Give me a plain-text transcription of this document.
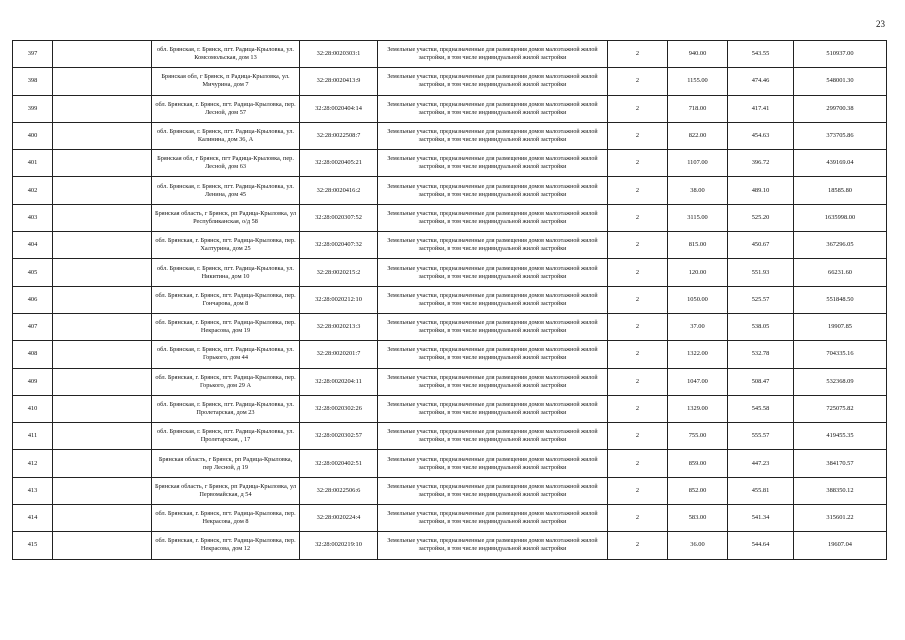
23
397		обл. Брянская, г. Брянск, пгт. Радица-Крыловка, ул. Комсомольская, дом 13	32:28:0020303:1	Земельные участки, предназначенные для размещения домов малоэтажной жилой застройки, в том числе индивидуальной жилой застройки	2	940.00	543.55	510937.00
398		Брянская обл, г Брянск, п Радица-Крыловка, ул. Мичурина, дом 7	32:28:0020413:9	Земельные участки, предназначенные для размещения домов малоэтажной жилой застройки, в том числе индивидуальной жилой застройки	2	1155.00	474.46	548001.30
399		обл. Брянская, г. Брянск, пгт. Радица-Крыловка, пер. Лесной, дом 57	32:28:0020404:14	Земельные участки, предназначенные для размещения домов малоэтажной жилой застройки, в том числе индивидуальной жилой застройки	2	718.00	417.41	299700.38
400		обл. Брянская, г. Брянск, пгт. Радица-Крыловка, ул. Калинина, дом 36, А	32:28:0022508:7	Земельные участки, предназначенные для размещения домов малоэтажной жилой застройки, в том числе индивидуальной жилой застройки	2	822.00	454.63	373705.86
401		Брянская обл, г Брянск, пгт Радица-Крыловка, пер. Лесной, дом 63	32:28:0020405:21	Земельные участки, предназначенные для размещения домов малоэтажной жилой застройки, в том числе индивидуальной жилой застройки	2	1107.00	396.72	439169.04
402		обл. Брянская, г. Брянск, пгт. Радица-Крыловка, ул. Ленина, дом 45	32:28:0020416:2	Земельные участки, предназначенные для размещения домов малоэтажной жилой застройки, в том числе индивидуальной жилой застройки	2	38.00	489.10	18585.80
403		Брянская область, г Брянск, рп Радица-Крыловка, ул Республиканская, о/д 58	32:28:0020307:52	Земельные участки, предназначенные для размещения домов малоэтажной жилой застройки, в том числе индивидуальной жилой застройки	2	3115.00	525.20	1635998.00
404		обл. Брянская, г. Брянск, пгт. Радица-Крыловка, пер. Халтурина, дом 25	32:28:0020407:32	Земельные участки, предназначенные для размещения домов малоэтажной жилой застройки, в том числе индивидуальной жилой застройки	2	815.00	450.67	367296.05
405		обл. Брянская, г. Брянск, пгт. Радица-Крыловка, ул. Никитина, дом 10	32:28:0020215:2	Земельные участки, предназначенные для размещения домов малоэтажной жилой застройки, в том числе индивидуальной жилой застройки	2	120.00	551.93	66231.60
406		обл. Брянская, г. Брянск, пгт. Радица-Крыловка, пер. Гончарова, дом 8	32:28:0020212:10	Земельные участки, предназначенные для размещения домов малоэтажной жилой застройки, в том числе индивидуальной жилой застройки	2	1050.00	525.57	551848.50
407		обл. Брянская, г. Брянск, пгт. Радица-Крыловка, пер. Некрасова, дом 19	32:28:0020213:3	Земельные участки, предназначенные для размещения домов малоэтажной жилой застройки, в том числе индивидуальной жилой застройки	2	37.00	538.05	19907.85
408		обл. Брянская, г. Брянск, пгт. Радица-Крыловка, ул. Горького, дом 44	32:28:0020201:7	Земельные участки, предназначенные для размещения домов малоэтажной жилой застройки, в том числе индивидуальной жилой застройки	2	1322.00	532.78	704335.16
409		обл. Брянская, г. Брянск, пгт. Радица-Крыловка, пер. Горького, дом 29 А	32:28:0020204:11	Земельные участки, предназначенные для размещения домов малоэтажной жилой застройки, в том числе индивидуальной жилой застройки	2	1047.00	508.47	532368.09
410		обл. Брянская, г. Брянск, пгт. Радица-Крыловка, ул. Пролетарская, дом 23	32:28:0020302:26	Земельные участки, предназначенные для размещения домов малоэтажной жилой застройки, в том числе индивидуальной жилой застройки	2	1329.00	545.58	725075.82
411		обл. Брянская, г. Брянск, пгт. Радица-Крыловка, ул. Пролетарская, , 17	32:28:0020302:57	Земельные участки, предназначенные для размещения домов малоэтажной жилой застройки, в том числе индивидуальной жилой застройки	2	755.00	555.57	419455.35
412		Брянская область, г Брянск, рп Радица-Крыловка, пер Лесной, д 19	32:28:0020402:51	Земельные участки, предназначенные для размещения домов малоэтажной жилой застройки, в том числе индивидуальной жилой застройки	2	859.00	447.23	384170.57
413		Брянская область, г Брянск, рп Радица-Крыловка, ул Первомайская, д 54	32:28:0022506:6	Земельные участки, предназначенные для размещения домов малоэтажной жилой застройки, в том числе индивидуальной жилой застройки	2	852.00	455.81	388350.12
414		обл. Брянская, г. Брянск, пгт. Радица-Крыловка, пер. Некрасова, дом 8	32:28:0020224:4	Земельные участки, предназначенные для размещения домов малоэтажной жилой застройки, в том числе индивидуальной жилой застройки	2	583.00	541.34	315601.22
415		обл. Брянская, г. Брянск, пгт. Радица-Крыловка, пер. Некрасова, дом 12	32:28:0020219:10	Земельные участки, предназначенные для размещения домов малоэтажной жилой застройки, в том числе индивидуальной жилой застройки	2	36.00	544.64	19607.04
